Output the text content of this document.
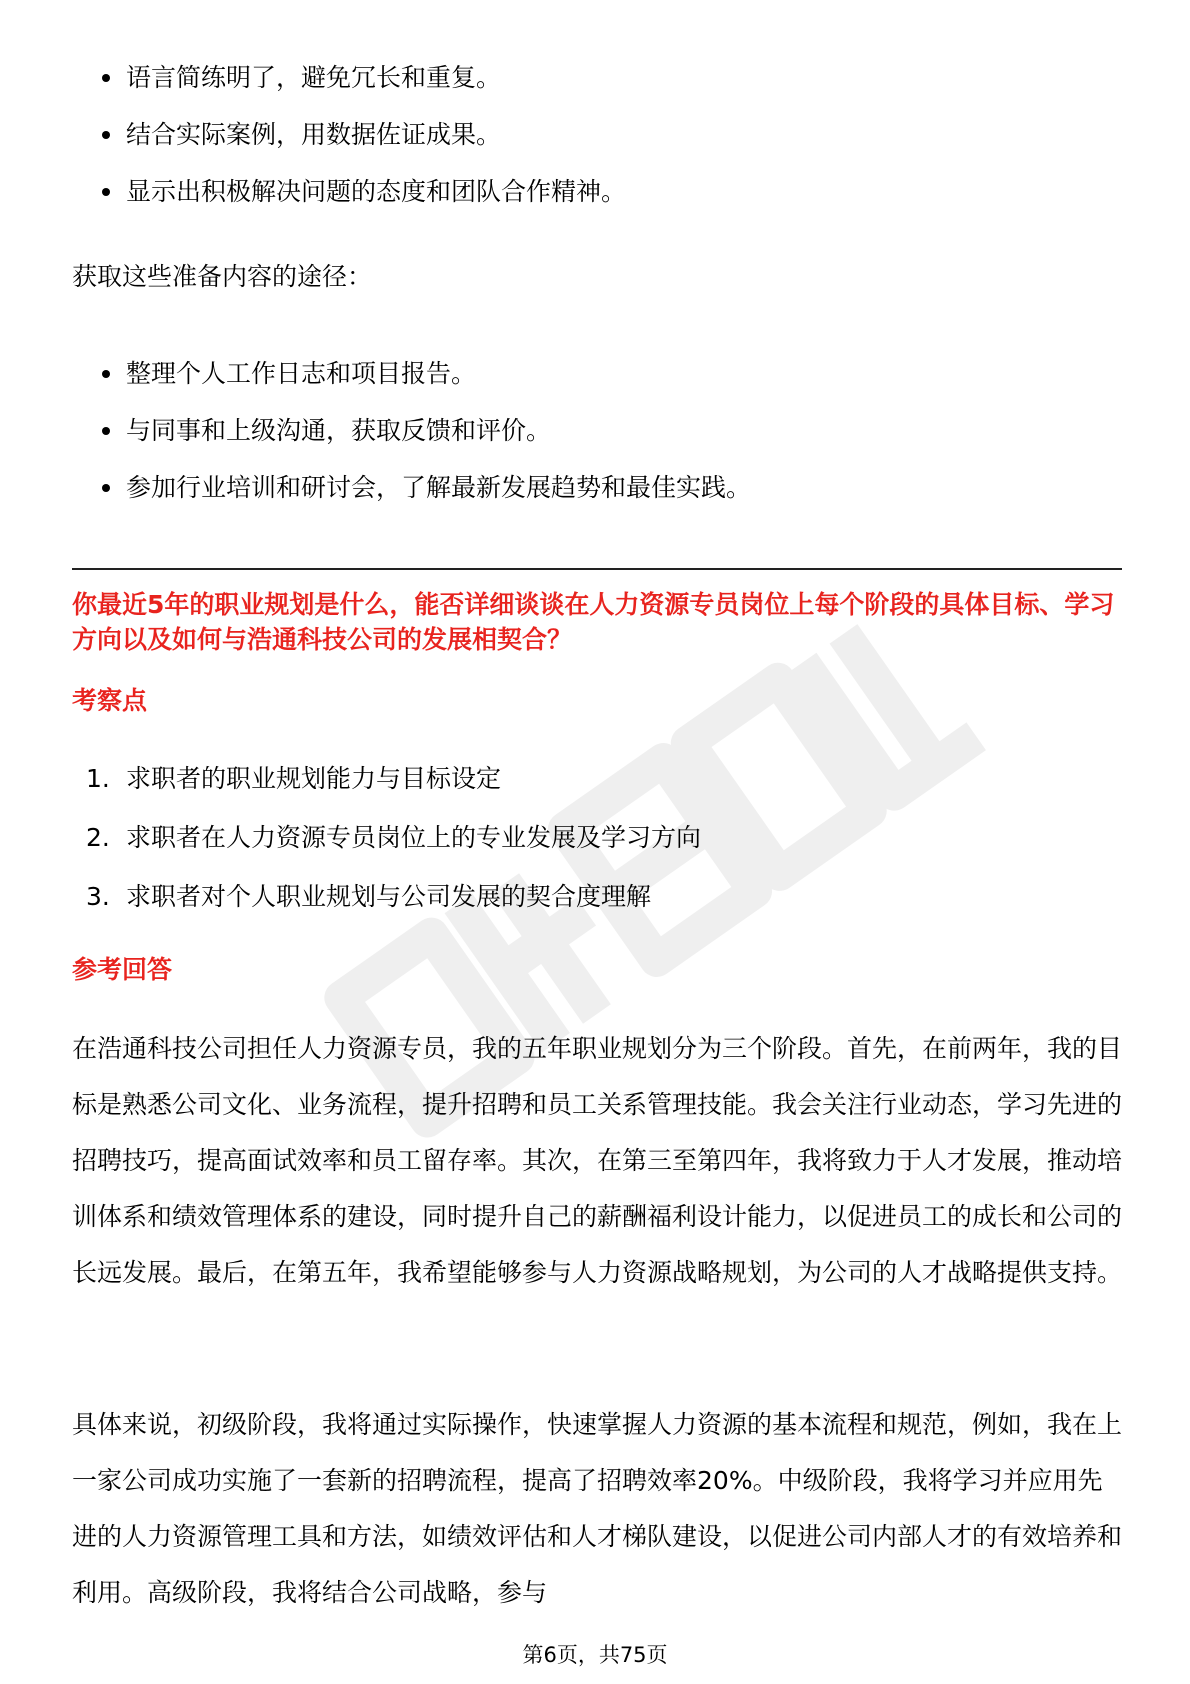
语言简练明了，避免冗长和重复。
结合实际案例，用数据佐证成果。
显示出积极解决问题的态度和团队合作精神。

获取这些准备内容的途径：

整理个人工作日志和项目报告。
与同事和上级沟通，获取反馈和评价。
参加行业培训和研讨会，了解最新发展趋势和最佳实践。

你最近5年的职业规划是什么，能否详细谈谈在人力资源专员岗位上每个阶段的具体目标、学习方向以及如何与浩通科技公司的发展相契合？

考察点

1. 求职者的职业规划能力与目标设定
2. 求职者在人力资源专员岗位上的专业发展及学习方向
3. 求职者对个人职业规划与公司发展的契合度理解

参考回答

在浩通科技公司担任人力资源专员，我的五年职业规划分为三个阶段。首先，在前两年，我的目标是熟悉公司文化、业务流程，提升招聘和员工关系管理技能。我会关注行业动态，学习先进的招聘技巧，提高面试效率和员工留存率。其次，在第三至第四年，我将致力于人才发展，推动培训体系和绩效管理体系的建设，同时提升自己的薪酬福利设计能力，以促进员工的成长和公司的长远发展。最后，在第五年，我希望能够参与人力资源战略规划，为公司的人才战略提供支持。

具体来说，初级阶段，我将通过实际操作，快速掌握人力资源的基本流程和规范，例如，我在上一家公司成功实施了一套新的招聘流程，提高了招聘效率20%。中级阶段，我将学习并应用先进的人力资源管理工具和方法，如绩效评估和人才梯队建设，以促进公司内部人才的有效培养和利用。高级阶段，我将结合公司战略，参与

第6页，共75页
